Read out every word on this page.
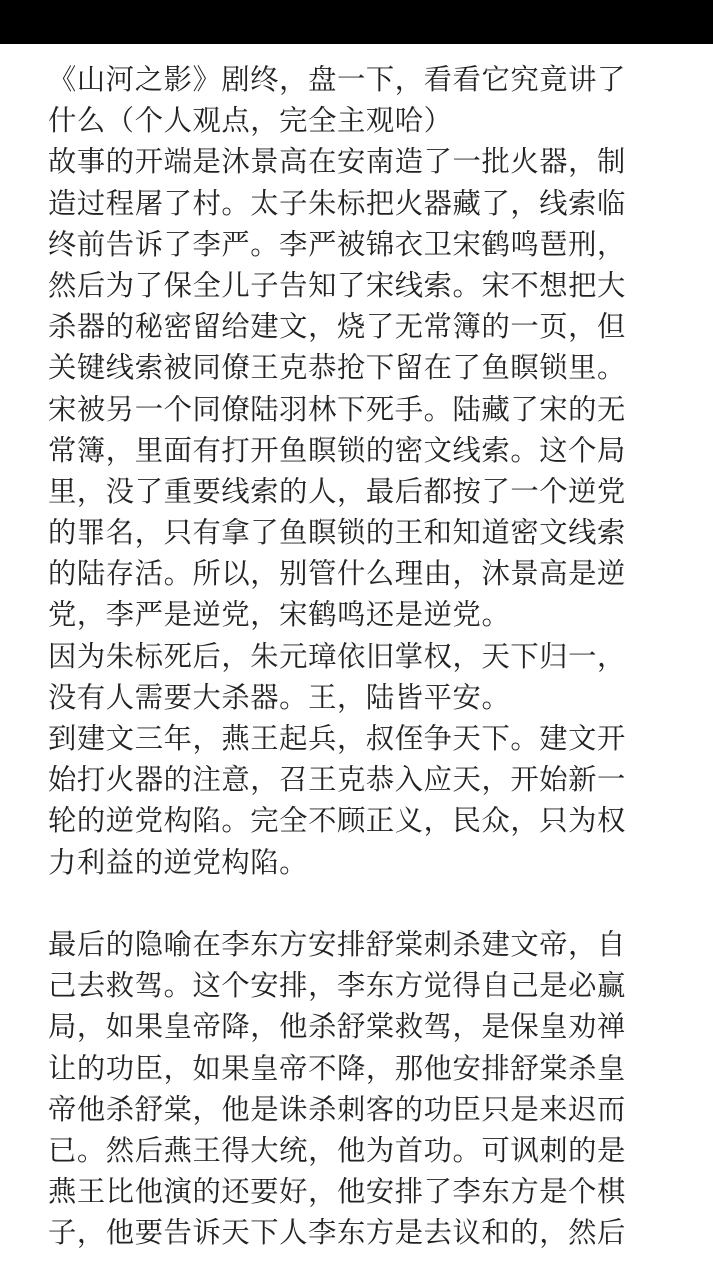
《山河之影》剧终，盘一下，看看它究竟讲了
什么（个人观点，完全主观哈）
故事的开端是沐景高在安南造了一批火器，制
造过程屠了村。太子朱标把火器藏了，线索临
终前告诉了李严。李严被锦衣卫宋鹤鸣琶刑，
然后为了保全儿子告知了宋线索。宋不想把大
杀器的秘密留给建文，烧了无常簿的一页，但
关键线索被同僚王克恭抢下留在了鱼瞑锁里。
宋被另一个同僚陆羽林下死手。陆藏了宋的无
常簿，里面有打开鱼瞑锁的密文线索。这个局
里，没了重要线索的人，最后都按了一个逆党
的罪名，只有拿了鱼瞑锁的王和知道密文线索
的陆存活。所以，别管什么理由，沐景高是逆
党，李严是逆党，宋鹤鸣还是逆党。
因为朱标死后，朱元璋依旧掌权，天下归一，
没有人需要大杀器。王，陆皆平安。
到建文三年，燕王起兵，叔侄争天下。建文开
始打火器的注意，召王克恭入应天，开始新一
轮的逆党构陷。完全不顾正义，民众，只为权
力利益的逆党构陷。
最后的隐喻在李东方安排舒棠刺杀建文帝，自
己去救驾。这个安排，李东方觉得自己是必赢
局，如果皇帝降，他杀舒棠救驾，是保皇劝禅
让的功臣，如果皇帝不降，那他安排舒棠杀皇
帝他杀舒棠，他是诛杀刺客的功臣只是来迟而
已。然后燕王得大统，他为首功。可讽刺的是
燕王比他演的还要好，他安排了李东方是个棋
子，他要告诉天下人李东方是去议和的，然后
